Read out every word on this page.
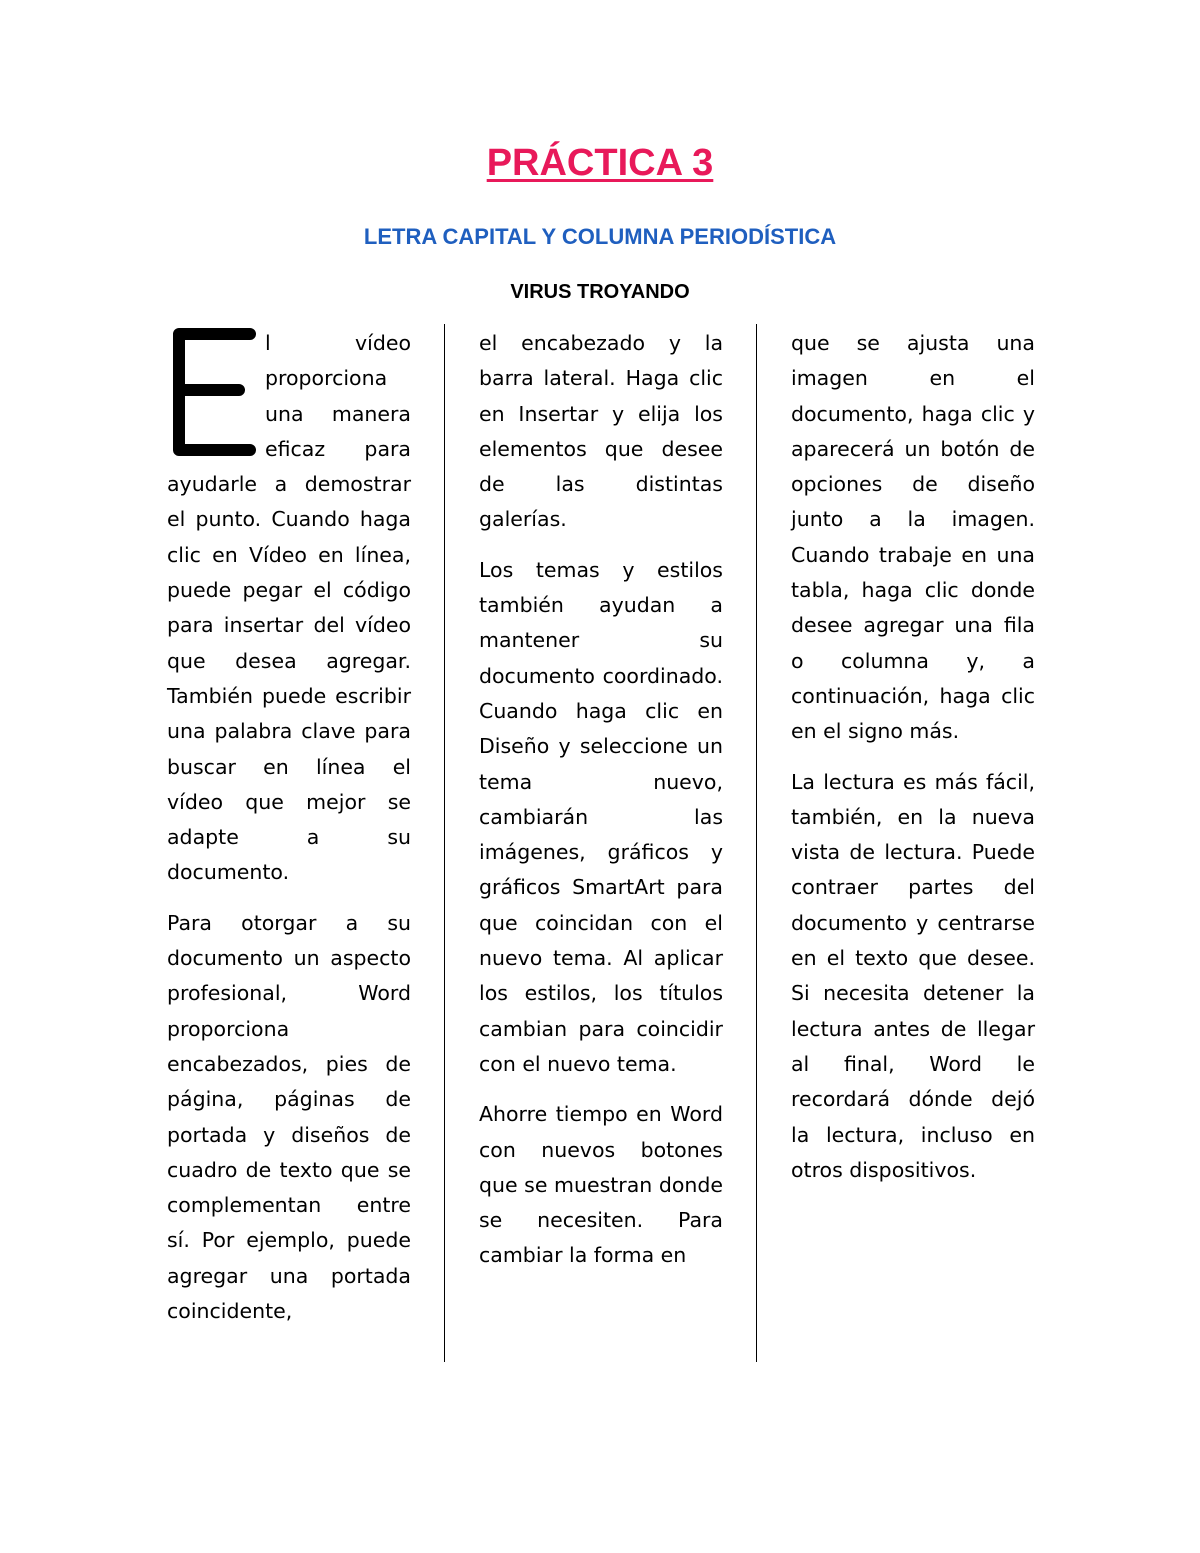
PRÁCTICA 3
LETRA CAPITAL Y COLUMNA PERIODÍSTICA
VIRUS TROYANDO

l vídeo proporciona una manera eficaz para ayudarle a demostrar el punto. Cuando haga clic en Vídeo en línea, puede pegar el código para insertar del vídeo que desea agregar. También puede escribir una palabra clave para buscar en línea el vídeo que mejor se adapte a su documento.

Para otorgar a su documento un aspecto profesional, Word proporciona encabezados, pies de página, páginas de portada y diseños de cuadro de texto que se complementan entre sí. Por ejemplo, puede agregar una portada coincidente,

el encabezado y la barra lateral. Haga clic en Insertar y elija los elementos que desee de las distintas galerías.

Los temas y estilos también ayudan a mantener su documento coordinado. Cuando haga clic en Diseño y seleccione un tema nuevo, cambiarán las imágenes, gráficos y gráficos SmartArt para que coincidan con el nuevo tema. Al aplicar los estilos, los títulos cambian para coincidir con el nuevo tema.

Ahorre tiempo en Word con nuevos botones que se muestran donde se necesiten. Para cambiar la forma en

que se ajusta una imagen en el documento, haga clic y aparecerá un botón de opciones de diseño junto a la imagen. Cuando trabaje en una tabla, haga clic donde desee agregar una fila o columna y, a continuación, haga clic en el signo más.

La lectura es más fácil, también, en la nueva vista de lectura. Puede contraer partes del documento y centrarse en el texto que desee. Si necesita detener la lectura antes de llegar al final, Word le recordará dónde dejó la lectura, incluso en otros dispositivos.
